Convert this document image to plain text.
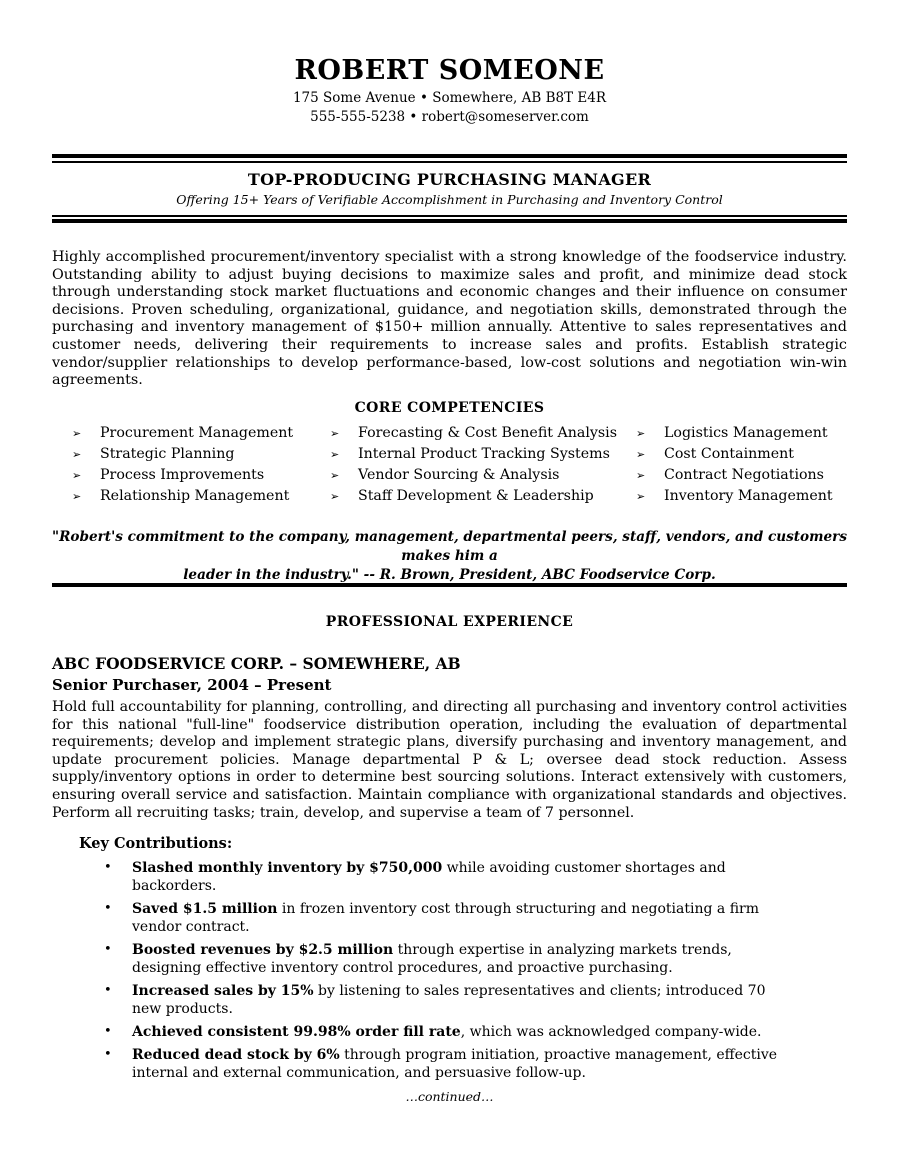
ROBERT SOMEONE
175 Some Avenue • Somewhere, AB B8T E4R
555-555-5238 • robert@someserver.com
TOP-PRODUCING PURCHASING MANAGER
Offering 15+ Years of Verifiable Accomplishment in Purchasing and Inventory Control
Highly accomplished procurement/inventory specialist with a strong knowledge of the foodservice industry. Outstanding ability to adjust buying decisions to maximize sales and profit, and minimize dead stock through understanding stock market fluctuations and economic changes and their influence on consumer decisions. Proven scheduling, organizational, guidance, and negotiation skills, demonstrated through the purchasing and inventory management of $150+ million annually. Attentive to sales representatives and customer needs, delivering their requirements to increase sales and profits. Establish strategic vendor/supplier relationships to develop performance-based, low-cost solutions and negotiation win-win agreements.
CORE COMPETENCIES
➢ Procurement Management
➢ Strategic Planning
➢ Process Improvements
➢ Relationship Management
➢ Forecasting & Cost Benefit Analysis
➢ Internal Product Tracking Systems
➢ Vendor Sourcing & Analysis
➢ Staff Development & Leadership
➢ Logistics Management
➢ Cost Containment
➢ Contract Negotiations
➢ Inventory Management
"Robert's commitment to the company, management, departmental peers, staff, vendors, and customers makes him a
leader in the industry." -- R. Brown, President, ABC Foodservice Corp.
PROFESSIONAL EXPERIENCE
ABC FOODSERVICE CORP. – SOMEWHERE, AB
Senior Purchaser, 2004 – Present
Hold full accountability for planning, controlling, and directing all purchasing and inventory control activities for this national "full-line" foodservice distribution operation, including the evaluation of departmental requirements; develop and implement strategic plans, diversify purchasing and inventory management, and update procurement policies. Manage departmental P & L; oversee dead stock reduction. Assess supply/inventory options in order to determine best sourcing solutions. Interact extensively with customers, ensuring overall service and satisfaction. Maintain compliance with organizational standards and objectives. Perform all recruiting tasks; train, develop, and supervise a team of 7 personnel.
Key Contributions:
• Slashed monthly inventory by $750,000 while avoiding customer shortages and backorders.
• Saved $1.5 million in frozen inventory cost through structuring and negotiating a firm vendor contract.
• Boosted revenues by $2.5 million through expertise in analyzing markets trends, designing effective inventory control procedures, and proactive purchasing.
• Increased sales by 15% by listening to sales representatives and clients; introduced 70 new products.
• Achieved consistent 99.98% order fill rate, which was acknowledged company-wide.
• Reduced dead stock by 6% through program initiation, proactive management, effective internal and external communication, and persuasive follow-up.
…continued…
